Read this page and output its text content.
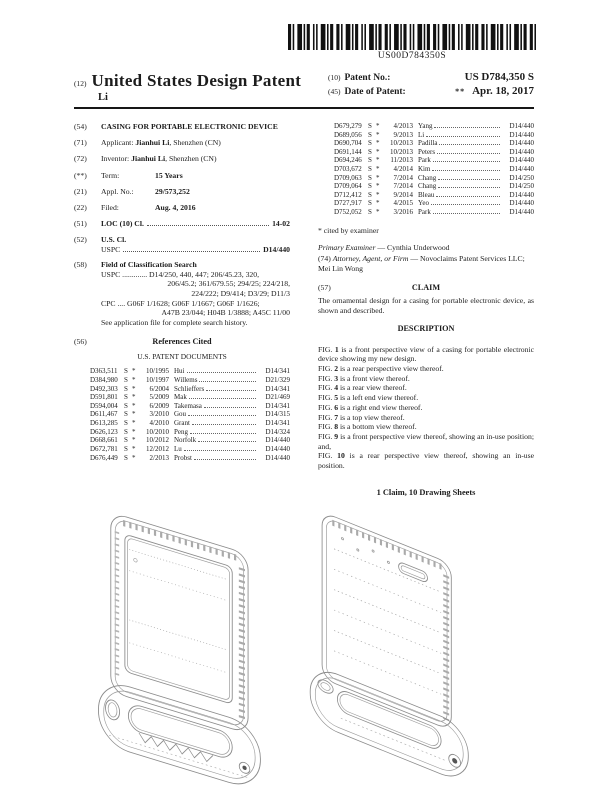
US00D784350S
(12) United States Design Patent
Li
(10) Patent No.:	US D784,350 S
(45) Date of Patent:	** Apr. 18, 2017
(54)	CASING FOR PORTABLE ELECTRONIC DEVICE
(71)	Applicant: Jianhui Li, Shenzhen (CN)
(72)	Inventor: Jianhui Li, Shenzhen (CN)
(**)	Term:	15 Years
(21)	Appl. No.:	29/573,252
(22)	Filed:	Aug. 4, 2016
(51)	LOC (10) Cl.	14-02
(52)	U.S. Cl.
USPC	D14/440
(58)	Field of Classification Search
USPC ............. D14/250, 440, 447; 206/45.23, 320,
206/45.2; 361/679.55; 294/25; 224/218,
224/222; D9/414; D3/29; D11/3
CPC .... G06F 1/1628; G06F 1/1667; G06F 1/1626;
A47B 23/044; H04B 1/3888; A45C 11/00
See application file for complete search history.
(56)	References Cited
U.S. PATENT DOCUMENTS
D363,511 S *	10/1995 Hui	D14/341
D384,980 S *	10/1997 Willems	D21/329
D492,303 S *	6/2004 Schlieffers	D14/341
D591,801 S *	5/2009 Mak	D21/469
D594,004 S *	6/2009 Takemasa	D14/341
D611,467 S *	3/2010 Gou	D14/315
D613,285 S *	4/2010 Grant	D14/341
D626,123 S *	10/2010 Peng	D14/324
D668,661 S *	10/2012 Norfolk	D14/440
D672,781 S *	12/2012 Lu	D14/440
D676,449 S *	2/2013 Probst	D14/440
D679,279 S *	4/2013 Yang	D14/440
D689,056 S *	9/2013 Li	D14/440
D690,704 S *	10/2013 Padilla	D14/440
D691,144 S *	10/2013 Peters	D14/440
D694,246 S *	11/2013 Park	D14/440
D703,672 S *	4/2014 Kim	D14/440
D709,063 S *	7/2014 Chang	D14/250
D709,064 S *	7/2014 Chang	D14/250
D712,412 S *	9/2014 Bleau	D14/440
D727,917 S *	4/2015 Yeo	D14/440
D752,052 S *	3/2016 Park	D14/440
* cited by examiner
Primary Examiner — Cynthia Underwood
(74) Attorney, Agent, or Firm — Novoclaims Patent Services LLC; Mei Lin Wong
(57)	CLAIM
The ornamental design for a casing for portable electronic device, as shown and described.
DESCRIPTION
FIG. 1 is a front perspective view of a casing for portable electronic device showing my new design.
FIG. 2 is a rear perspective view thereof.
FIG. 3 is a front view thereof.
FIG. 4 is a rear view thereof.
FIG. 5 is a left end view thereof.
FIG. 6 is a right end view thereof.
FIG. 7 is a top view thereof.
FIG. 8 is a bottom view thereof.
FIG. 9 is a front perspective view thereof, showing an in-use position; and,
FIG. 10 is a rear perspective view thereof, showing an in-use position.
1 Claim, 10 Drawing Sheets
